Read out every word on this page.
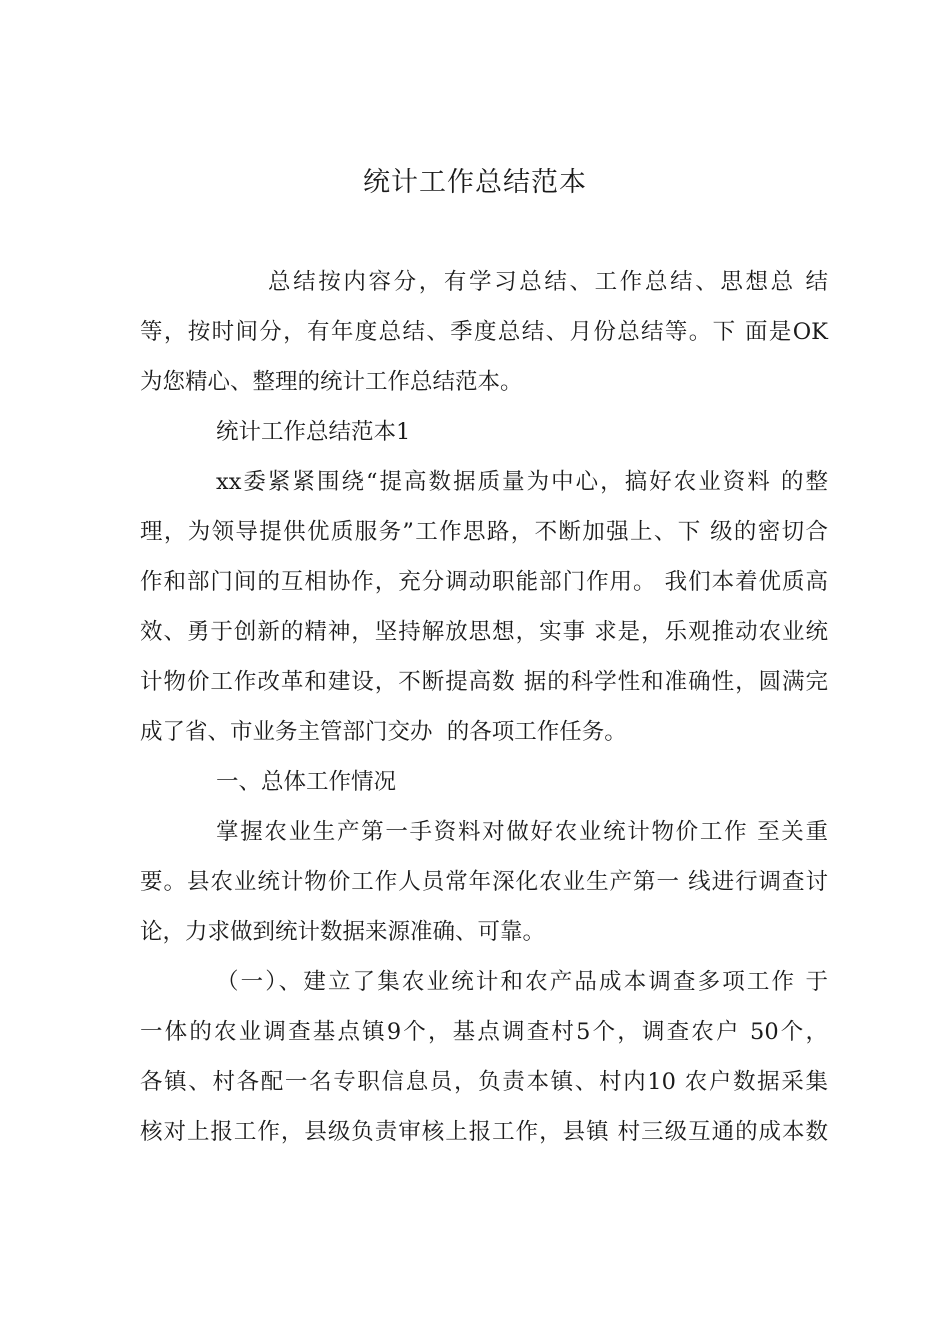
统计工作总结范本
总结按内容分，有学习总结、工作总结、思想总 结
等，按时间分，有年度总结、季度总结、月份总结等。下 面是OK
为您精心、整理的统计工作总结范本。
统计工作总结范本1
xx委紧紧围绕“提高数据质量为中心，搞好农业资料 的整
理，为领导提供优质服务”工作思路，不断加强上、下 级的密切合
作和部门间的互相协作，充分调动职能部门作用。 我们本着优质高
效、勇于创新的精神，坚持解放思想，实事 求是，乐观推动农业统
计物价工作改革和建设，不断提高数 据的科学性和准确性，圆满完
成了省、市业务主管部门交办  的各项工作任务。
一、总体工作情况
掌握农业生产第一手资料对做好农业统计物价工作 至关重
要。县农业统计物价工作人员常年深化农业生产第一 线进行调查讨
论，力求做到统计数据来源准确、可靠。
（一）、建立了集农业统计和农产品成本调查多项工作 于
一体的农业调查基点镇9个，基点调查村5个，调查农户 50个，
各镇、村各配一名专职信息员，负责本镇、村内10 农户数据采集
核对上报工作，县级负责审核上报工作，县镇 村三级互通的成本数
